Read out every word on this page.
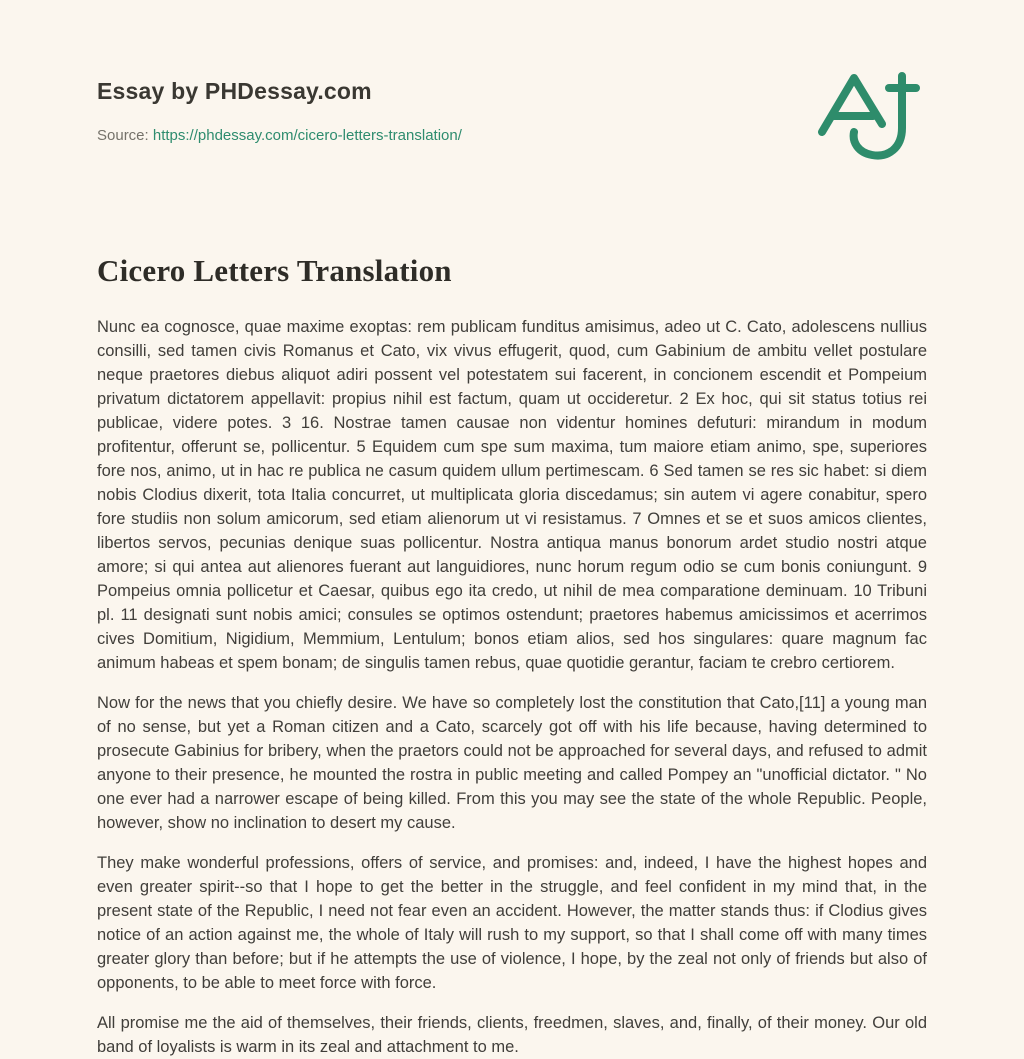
Essay by PHDessay.com
Source: https://phdessay.com/cicero-letters-translation/
Cicero Letters Translation

Nunc ea cognosce, quae maxime exoptas: rem publicam funditus amisimus, adeo ut C. Cato, adolescens nullius consilli, sed tamen civis Romanus et Cato, vix vivus effugerit, quod, cum Gabinium de ambitu vellet postulare neque praetores diebus aliquot adiri possent vel potestatem sui facerent, in concionem escendit et Pompeium privatum dictatorem appellavit: propius nihil est factum, quam ut occideretur. 2 Ex hoc, qui sit status totius rei publicae, videre potes. 3 16. Nostrae tamen causae non videntur homines defuturi: mirandum in modum profitentur, offerunt se, pollicentur. 5 Equidem cum spe sum maxima, tum maiore etiam animo, spe, superiores fore nos, animo, ut in hac re publica ne casum quidem ullum pertimescam. 6 Sed tamen se res sic habet: si diem nobis Clodius dixerit, tota Italia concurret, ut multiplicata gloria discedamus; sin autem vi agere conabitur, spero fore studiis non solum amicorum, sed etiam alienorum ut vi resistamus. 7 Omnes et se et suos amicos clientes, libertos servos, pecunias denique suas pollicentur. Nostra antiqua manus bonorum ardet studio nostri atque amore; si qui antea aut alienores fuerant aut languidiores, nunc horum regum odio se cum bonis coniungunt. 9 Pompeius omnia pollicetur et Caesar, quibus ego ita credo, ut nihil de mea comparatione deminuam. 10 Tribuni pl. 11 designati sunt nobis amici; consules se optimos ostendunt; praetores habemus amicissimos et acerrimos cives Domitium, Nigidium, Memmium, Lentulum; bonos etiam alios, sed hos singulares: quare magnum fac animum habeas et spem bonam; de singulis tamen rebus, quae quotidie gerantur, faciam te crebro certiorem.

Now for the news that you chiefly desire. We have so completely lost the constitution that Cato,[11] a young man of no sense, but yet a Roman citizen and a Cato, scarcely got off with his life because, having determined to prosecute Gabinius for bribery, when the praetors could not be approached for several days, and refused to admit anyone to their presence, he mounted the rostra in public meeting and called Pompey an "unofficial dictator. " No one ever had a narrower escape of being killed. From this you may see the state of the whole Republic. People, however, show no inclination to desert my cause.

They make wonderful professions, offers of service, and promises: and, indeed, I have the highest hopes and even greater spirit--so that I hope to get the better in the struggle, and feel confident in my mind that, in the present state of the Republic, I need not fear even an accident. However, the matter stands thus: if Clodius gives notice of an action against me, the whole of Italy will rush to my support, so that I shall come off with many times greater glory than before; but if he attempts the use of violence, I hope, by the zeal not only of friends but also of opponents, to be able to meet force with force.

All promise me the aid of themselves, their friends, clients, freedmen, slaves, and, finally, of their money. Our old band of loyalists is warm in its zeal and attachment to me.
